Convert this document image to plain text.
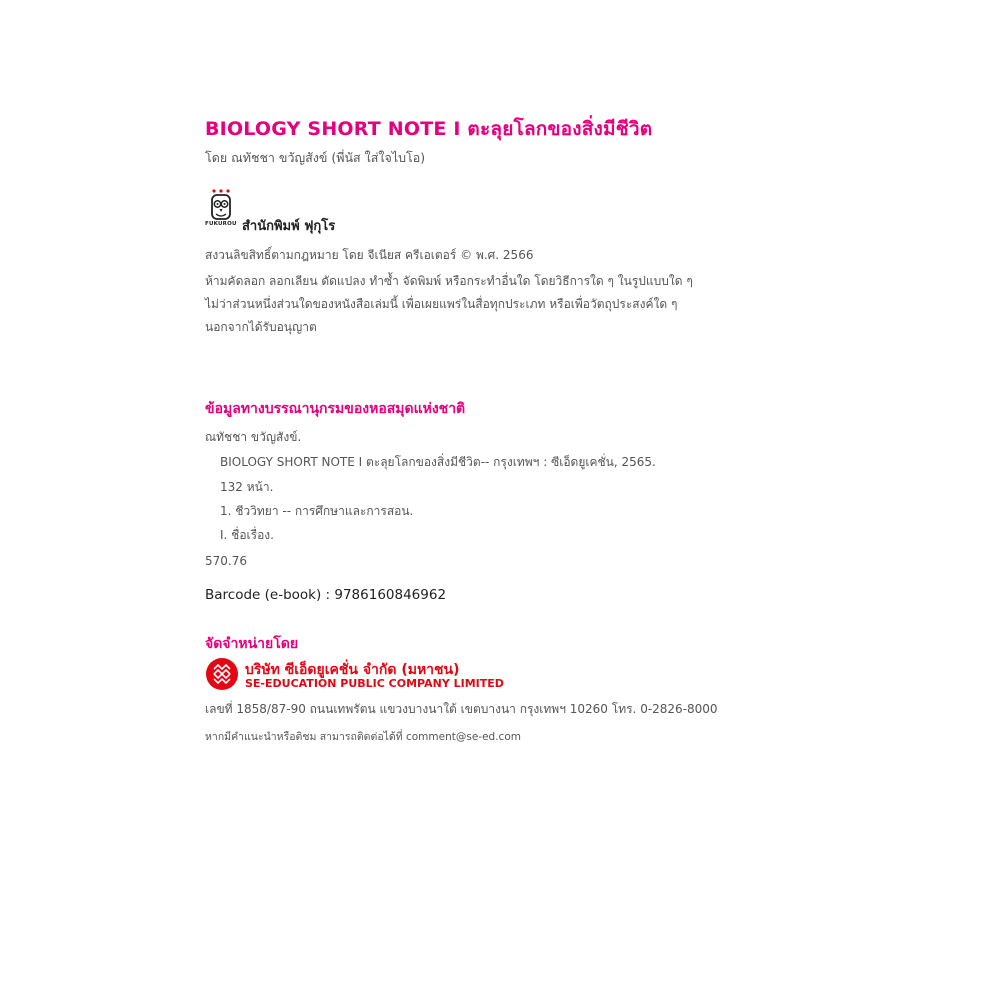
BIOLOGY SHORT NOTE I ตะลุยโลกของสิ่งมีชีวิต
โดย ณทัชชา ขวัญสังข์ (พี่นัส ใส่ใจไบโอ)
FUKUROU สำนักพิมพ์ ฟุกุโร
สงวนลิขสิทธิ์ตามกฎหมาย โดย จีเนียส ครีเอเตอร์ © พ.ศ. 2566
ห้ามคัดลอก ลอกเลียน ดัดแปลง ทำซ้ำ จัดพิมพ์ หรือกระทำอื่นใด โดยวิธีการใด ๆ ในรูปแบบใด ๆ
ไม่ว่าส่วนหนึ่งส่วนใดของหนังสือเล่มนี้ เพื่อเผยแพร่ในสื่อทุกประเภท หรือเพื่อวัตถุประสงค์ใด ๆ
นอกจากได้รับอนุญาต
ข้อมูลทางบรรณานุกรมของหอสมุดแห่งชาติ
ณทัชชา ขวัญสังข์.
BIOLOGY SHORT NOTE I ตะลุยโลกของสิ่งมีชีวิต-- กรุงเทพฯ : ซีเอ็ดยูเคชั่น, 2565.
132 หน้า.
1. ชีววิทยา -- การศึกษาและการสอน.
I. ชื่อเรื่อง.
570.76
Barcode (e-book) : 9786160846962
จัดจำหน่ายโดย
บริษัท ซีเอ็ดยูเคชั่น จำกัด (มหาชน)
SE-EDUCATION PUBLIC COMPANY LIMITED
เลขที่ 1858/87-90 ถนนเทพรัตน แขวงบางนาใต้ เขตบางนา กรุงเทพฯ 10260 โทร. 0-2826-8000
หากมีคำแนะนำหรือติชม สามารถติดต่อได้ที่ comment@se-ed.com
